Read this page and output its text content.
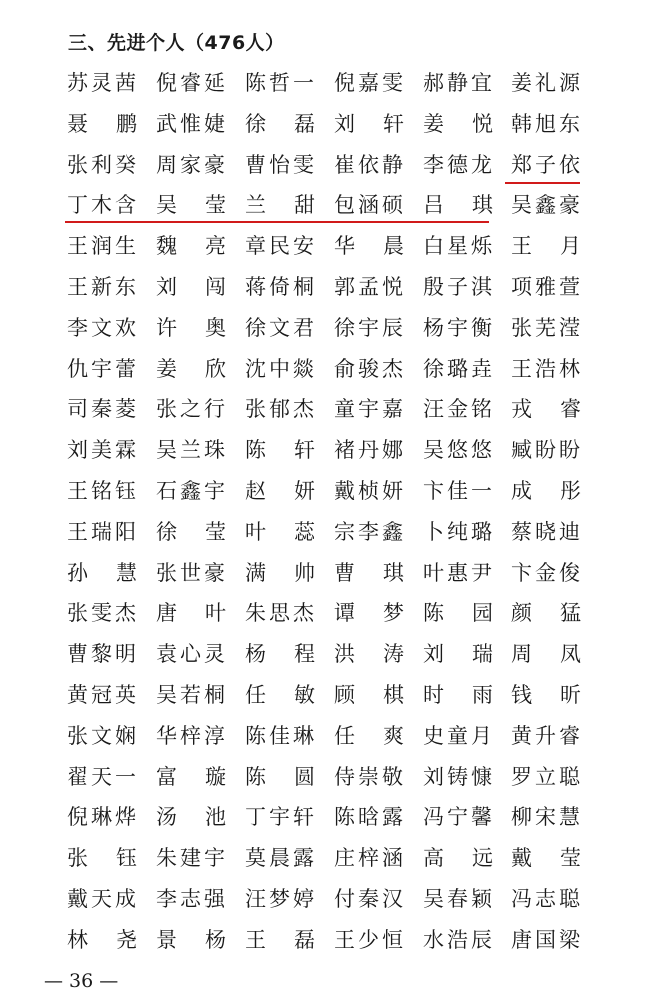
三、先进个人（476人）
苏灵茜 倪睿延 陈哲一 倪嘉雯 郝静宜 姜礼源
聂 鹏 武惟婕 徐 磊 刘 轩 姜 悦 韩旭东
张利癸 周家豪 曹怡雯 崔依静 李德龙 郑子依
丁木含 吴 莹 兰 甜 包涵硕 吕 琪 吴鑫豪
王润生 魏 亮 章民安 华 晨 白星烁 王 月
王新东 刘 闯 蒋倚桐 郭孟悦 殷子淇 项雅萱
李文欢 许 奥 徐文君 徐宇辰 杨宇衡 张芜滢
仇宇蕾 姜 欣 沈中燚 俞骏杰 徐璐垚 王浩林
司秦菱 张之行 张郁杰 童宇嘉 汪金铭 戎 睿
刘美霖 吴兰珠 陈 轩 褚丹娜 吴悠悠 臧盼盼
王铭钰 石鑫宇 赵 妍 戴桢妍 卞佳一 成 彤
王瑞阳 徐 莹 叶 蕊 宗李鑫 卜纯璐 蔡晓迪
孙 慧 张世豪 满 帅 曹 琪 叶惠尹 卞金俊
张雯杰 唐 叶 朱思杰 谭 梦 陈 园 颜 猛
曹黎明 袁心灵 杨 程 洪 涛 刘 瑞 周 凤
黄冠英 吴若桐 任 敏 顾 棋 时 雨 钱 昕
张文娴 华梓淳 陈佳琳 任 爽 史童月 黄升睿
翟天一 富 璇 陈 圆 侍崇敬 刘铸慷 罗立聪
倪琳烨 汤 池 丁宇轩 陈晗露 冯宁馨 柳宋慧
张 钰 朱建宇 莫晨露 庄梓涵 高 远 戴 莹
戴天成 李志强 汪梦婷 付秦汉 吴春颖 冯志聪
林 尧 景 杨 王 磊 王少恒 水浩辰 唐国梁
— 36 —
